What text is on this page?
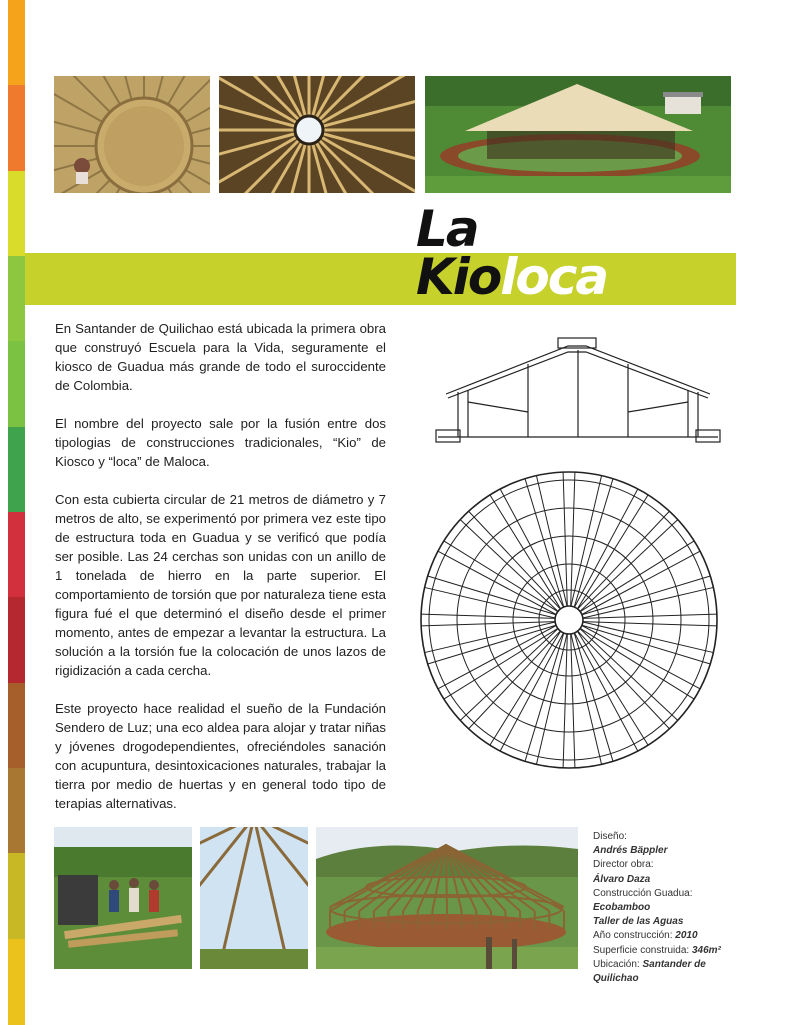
La
Kioloca

En Santander de Quilichao está ubicada la primera obra que construyó Escuela para la Vida, seguramente el kiosco de Guadua más grande de todo el suroccidente de Colombia.

El nombre del proyecto sale por la fusión entre dos tipologias de construcciones tradicionales, “Kio” de Kiosco y “loca” de Maloca.

Con esta cubierta circular de 21 metros de diámetro y 7 metros de alto, se experimentó por primera vez este tipo de estructura toda en Guadua y se verificó que podía ser posible. Las 24 cerchas son unidas con un anillo de 1 tonelada de hierro en la parte superior. El comportamiento de torsión que por naturaleza tiene esta figura fué el que determinó el diseño desde el primer momento, antes de empezar a levantar la estructura. La solución a la torsión fue la colocación de unos lazos de rigidización a cada cercha.

Este proyecto hace realidad el sueño de la Fundación Sendero de Luz; una eco aldea para alojar y tratar niñas y jóvenes drogodependientes, ofreciéndoles sanación con acupuntura, desintoxicaciones naturales, trabajar la tierra por medio de huertas y en general todo tipo de terapias alternativas.

Diseño:
Andrés Bäppler
Director obra:
Álvaro Daza
Construcción Guadua:
Ecobamboo
Taller de las Aguas
Año construcción: 2010
Superficie construida: 346m²
Ubicación: Santander de
Quilichao
